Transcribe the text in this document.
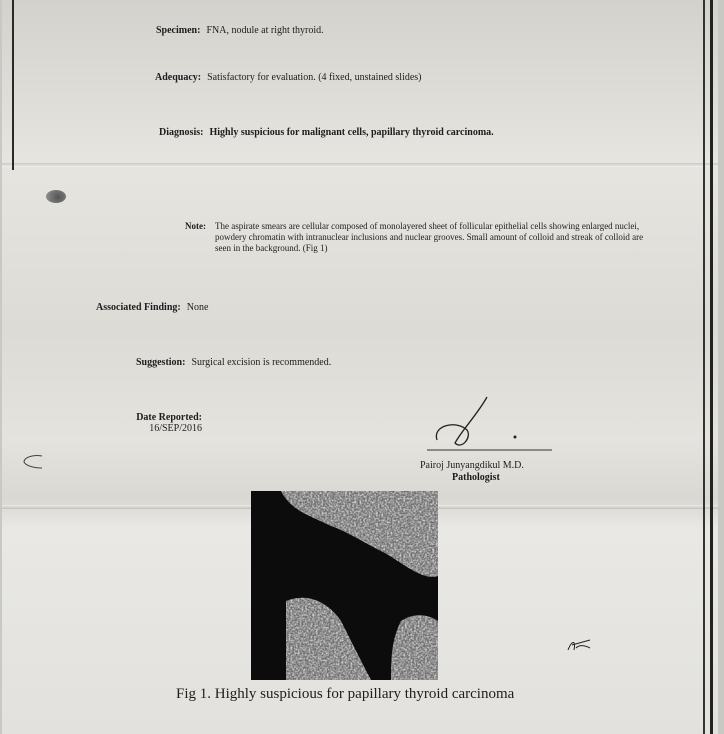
Specimen: FNA, nodule at right thyroid.
Adequacy: Satisfactory for evaluation. (4 fixed, unstained slides)
Diagnosis: Highly suspicious for malignant cells, papillary thyroid carcinoma.
Note: The aspirate smears are cellular composed of monolayered sheet of follicular epithelial cells showing enlarged nuclei, powdery chromatin with intranuclear inclusions and nuclear grooves. Small amount of colloid and streak of colloid are seen in the background. (Fig 1)
Associated Finding: None
Suggestion: Surgical excision is recommended.
Date Reported:
16/SEP/2016
Pairoj Junyangdikul M.D.
Pathologist
Fig 1. Highly suspicious for papillary thyroid carcinoma
